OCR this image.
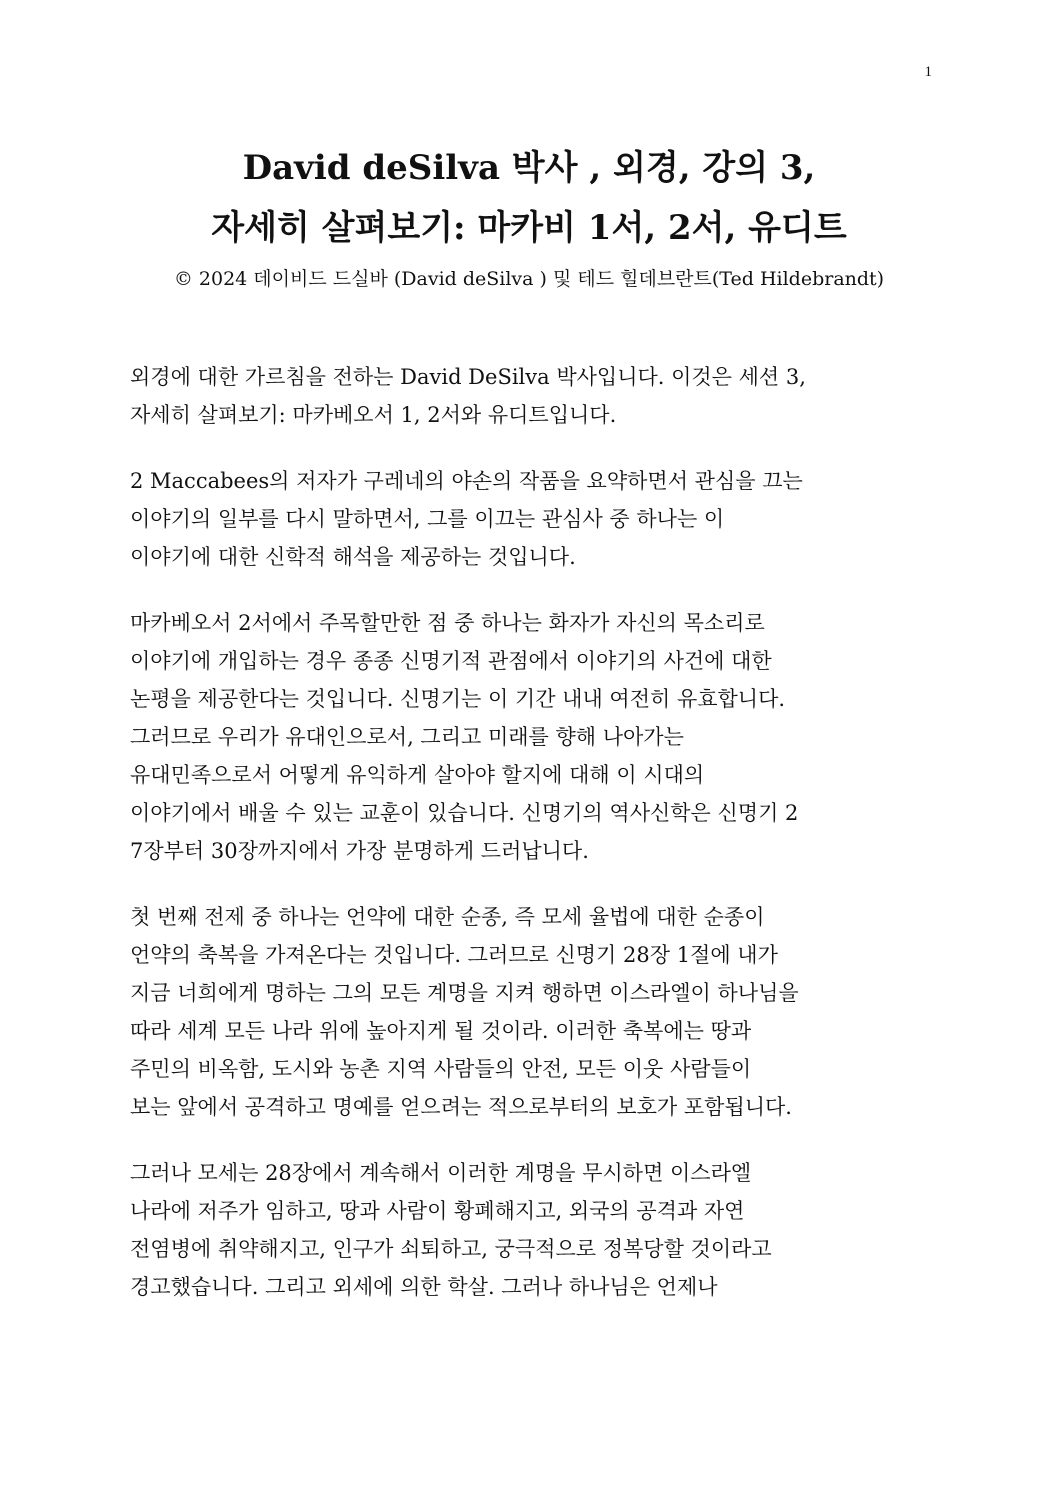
1
David deSilva 박사 , 외경, 강의 3,
자세히 살펴보기: 마카비 1서, 2서, 유디트
© 2024 데이비드 드실바 (David deSilva ) 및 테드 힐데브란트(Ted Hildebrandt)

외경에 대한 가르침을 전하는 David DeSilva 박사입니다. 이것은 세션 3,
자세히 살펴보기: 마카베오서 1, 2서와 유디트입니다.

2 Maccabees의 저자가 구레네의 야손의 작품을 요약하면서 관심을 끄는
이야기의 일부를 다시 말하면서, 그를 이끄는 관심사 중 하나는 이
이야기에 대한 신학적 해석을 제공하는 것입니다.

마카베오서 2서에서 주목할만한 점 중 하나는 화자가 자신의 목소리로
이야기에 개입하는 경우 종종 신명기적 관점에서 이야기의 사건에 대한
논평을 제공한다는 것입니다. 신명기는 이 기간 내내 여전히 유효합니다.
그러므로 우리가 유대인으로서, 그리고 미래를 향해 나아가는
유대민족으로서 어떻게 유익하게 살아야 할지에 대해 이 시대의
이야기에서 배울 수 있는 교훈이 있습니다. 신명기의 역사신학은 신명기 2
7장부터 30장까지에서 가장 분명하게 드러납니다.

첫 번째 전제 중 하나는 언약에 대한 순종, 즉 모세 율법에 대한 순종이
언약의 축복을 가져온다는 것입니다. 그러므로 신명기 28장 1절에 내가
지금 너희에게 명하는 그의 모든 계명을 지켜 행하면 이스라엘이 하나님을
따라 세계 모든 나라 위에 높아지게 될 것이라. 이러한 축복에는 땅과
주민의 비옥함, 도시와 농촌 지역 사람들의 안전, 모든 이웃 사람들이
보는 앞에서 공격하고 명예를 얻으려는 적으로부터의 보호가 포함됩니다.

그러나 모세는 28장에서 계속해서 이러한 계명을 무시하면 이스라엘
나라에 저주가 임하고, 땅과 사람이 황폐해지고, 외국의 공격과 자연
전염병에 취약해지고, 인구가 쇠퇴하고, 궁극적으로 정복당할 것이라고
경고했습니다. 그리고 외세에 의한 학살. 그러나 하나님은 언제나
